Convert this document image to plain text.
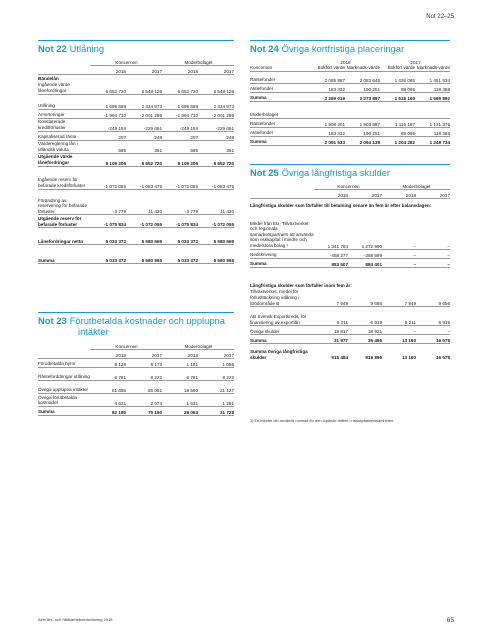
Not 22–25
Not 22 Utlåning
	Koncernen		Moderbolaget	
	2018	2017	2018	2017
Bäralelån				
Ingående värde lånefordringar	6 652 720	6 548 128	6 652 720	6 548 128

Utlåning	1 699 588	2 334 973	1 699 588	2 334 973
Amorteringar	-1 994 710	-2 001 299	-1 994 710	-2 001 299
Konstaterade kreditförluster	-249 184	-229 691	-249 184	-229 691
Kapitaliserad ränta	207	248	207	248
Värdereglering lån i utländsk valuta	585	361	585	361
Utgående värde lånefordringar	6 109 206	6 652 720	6 109 206	6 652 720

Ingående reserv för befarade kreditförluster	-1 072 055	-1 083 475	-1 072 055	-1 083 475

Förändring av reservering för befarade förluster	-3 779	11 420	-3 779	11 420
Utgående reserv för befarade förluster	-1 075 834	-1 072 055	-1 075 834	-1 072 055

Lånefordringar netto	5 033 372	5 580 665	5 033 372	5 580 665

Summa	5 033 372	5 580 665	5 033 372	5 580 665
Not 23 Förutbetalda kostnader och upplupna
intäkter
	Koncernen		Moderbolaget	
	2018	2017	2018	2017
Förutbetalda hyror	9 128	8 173	1 181	1 098
Ränteforddringar utlåning	6 791	8 222	6 791	8 222
Övriga upplupna intäkter	61 655	56 081	18 560	21 127
Övriga förutbetalda kostnader	4 621	2 674	1 531	1 281
Summa	82 195	75 150	28 063	31 728
Not 24 Övriga kortfristiga placeringar
	2018		2017	
Koncernen	Bokfört värde	Marknads-värde	Bokfört värde	Marknads-värde

Räntefonder	2 085 887	2 083 646	1 426 065	1 451 534
Aktiefonder	183 332	190 251	89 095	118 358
Summa	2 269 019	2 273 897	1 515 160	1 569 892

Moderbolaget				
Räntefonder	1 908 201	1 903 887	1 115 187	1 131 376
Aktiefonder	183 332	190 251	89 095	118 358
Summa	2 091 533	2 094 138	1 204 282	1 249 734
Not 25 Övriga långfristiga skulder
	Koncernen		Moderbolaget	
	2018	2017	2018	2017

Långfristiga skulder som förfaller till betalning senare än fem år efter balansdagen:				
Medel från EU, Tillväxtverket och regionala samarbetspartners att använda som riskkapital i mindre och medelstora bolag ¹	1 341 784	1 272 990	–	–
Nedskrivning	-458 277	-388 589	–	–
Summa	883 507	884 401	–	–

Långfristiga skulder som förfaller inom fem år:				
Tillväxtverket, medel för förlusttäckning utlåning i Stödområde B	7 949	9 656	7 949	9 656
AB Svensk Exportkredit, för finansiering av exportlån	5 211	6 919	5 211	6 919
Övriga skulder	18 817	18 921	–	–
Summa	31 977	35 495	13 160	16 575

Summa övriga långfristiga skulder	915 484	919 896	13 160	16 575
1) En mindre del används normalt för den löpande driften i riskkapitalverksamheten.
Almi års- och hållbarhetsredovisning 2018	65
